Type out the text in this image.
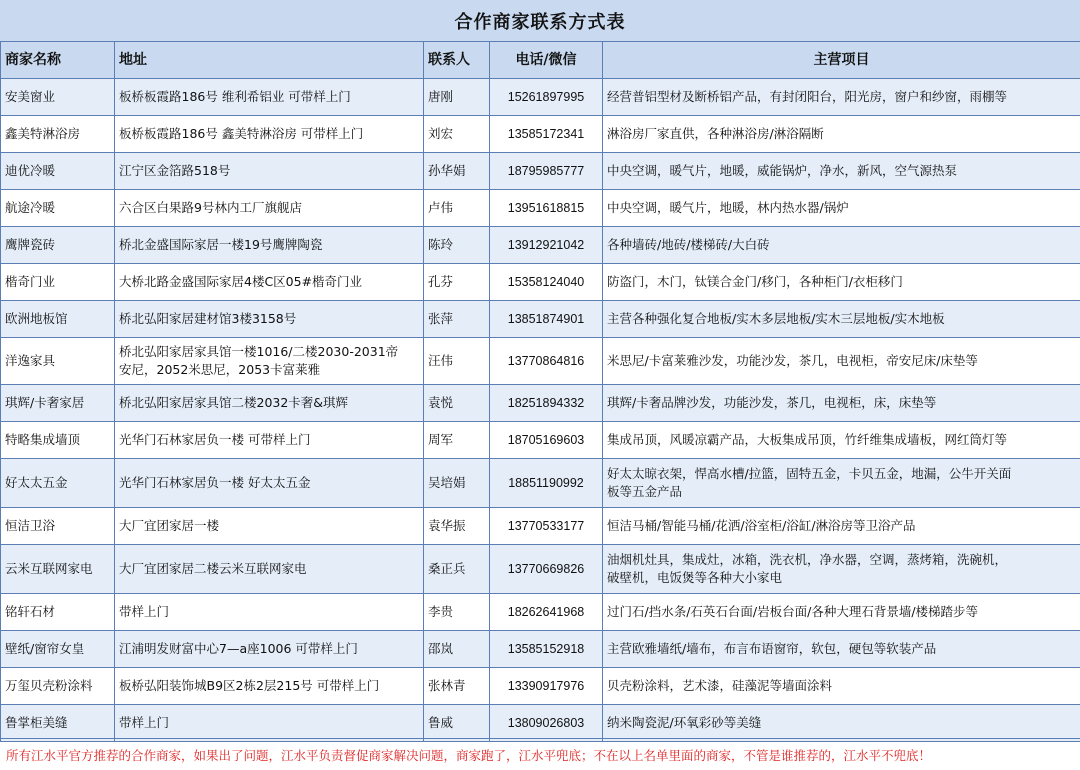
合作商家联系方式表
商家名称	地址	联系人	电话/微信	主营项目
安美窗业	板桥板霞路186号 维利希铝业 可带样上门	唐刚	15261897995	经营普铝型材及断桥铝产品，有封闭阳台，阳光房，窗户和纱窗，雨棚等
鑫美特淋浴房	板桥板霞路186号 鑫美特淋浴房 可带样上门	刘宏	13585172341	淋浴房厂家直供，各种淋浴房/淋浴隔断
迪优冷暖	江宁区金箔路518号	孙华娟	18795985777	中央空调，暖气片，地暖，威能锅炉，净水，新风，空气源热泵
航途冷暖	六合区白果路9号林内工厂旗舰店	卢伟	13951618815	中央空调，暖气片，地暖，林内热水器/锅炉
鹰牌瓷砖	桥北金盛国际家居一楼19号鹰牌陶瓷	陈玲	13912921042	各种墙砖/地砖/楼梯砖/大白砖
楷奇门业	大桥北路金盛国际家居4楼C区05#楷奇门业	孔芬	15358124040	防盗门，木门，钛镁合金门/移门，各种柜门/衣柜移门
欧洲地板馆	桥北弘阳家居建材馆3楼3158号	张萍	13851874901	主营各种强化复合地板/实木多层地板/实木三层地板/实木地板
洋逸家具	桥北弘阳家居家具馆一楼1016/二楼2030-2031帝
安尼，2052米思尼，2053卡富莱雅	汪伟	13770864816	米思尼/卡富莱雅沙发，功能沙发，茶几，电视柜，帝安尼床/床垫等
琪辉/卡奢家居	桥北弘阳家居家具馆二楼2032卡奢&琪辉	袁悦	18251894332	琪辉/卡奢品牌沙发，功能沙发，茶几，电视柜，床，床垫等
特略集成墙顶	光华门石林家居负一楼 可带样上门	周军	18705169603	集成吊顶，风暖凉霸产品，大板集成吊顶，竹纤维集成墙板，网红筒灯等
好太太五金	光华门石林家居负一楼 好太太五金	吴培娟	18851190992	好太太晾衣架，悍高水槽/拉篮，固特五金，卡贝五金，地漏，公牛开关面
板等五金产品
恒洁卫浴	大厂宜团家居一楼	袁华振	13770533177	恒洁马桶/智能马桶/花洒/浴室柜/浴缸/淋浴房等卫浴产品
云米互联网家电	大厂宜团家居二楼云米互联网家电	桑正兵	13770669826	油烟机灶具，集成灶，冰箱，洗衣机，净水器，空调，蒸烤箱，洗碗机，
破壁机，电饭煲等各种大小家电
铭轩石材	带样上门	李贵	18262641968	过门石/挡水条/石英石台面/岩板台面/各种大理石背景墙/楼梯踏步等
壁纸/窗帘女皇	江浦明发财富中心7—a座1006 可带样上门	邵岚	13585152918	主营欧雅墙纸/墙布，布言布语窗帘，软包，硬包等软装产品
万玺贝壳粉涂料	板桥弘阳装饰城B9区2栋2层215号 可带样上门	张林青	13390917976	贝壳粉涂料，艺术漆，硅藻泥等墙面涂料
鲁掌柜美缝	带样上门	鲁威	13809026803	纳米陶瓷泥/环氧彩砂等美缝
所有江水平官方推荐的合作商家，如果出了问题，江水平负责督促商家解决问题，商家跑了，江水平兜底；不在以上名单里面的商家，不管是谁推荐的，江水平不兜底！
